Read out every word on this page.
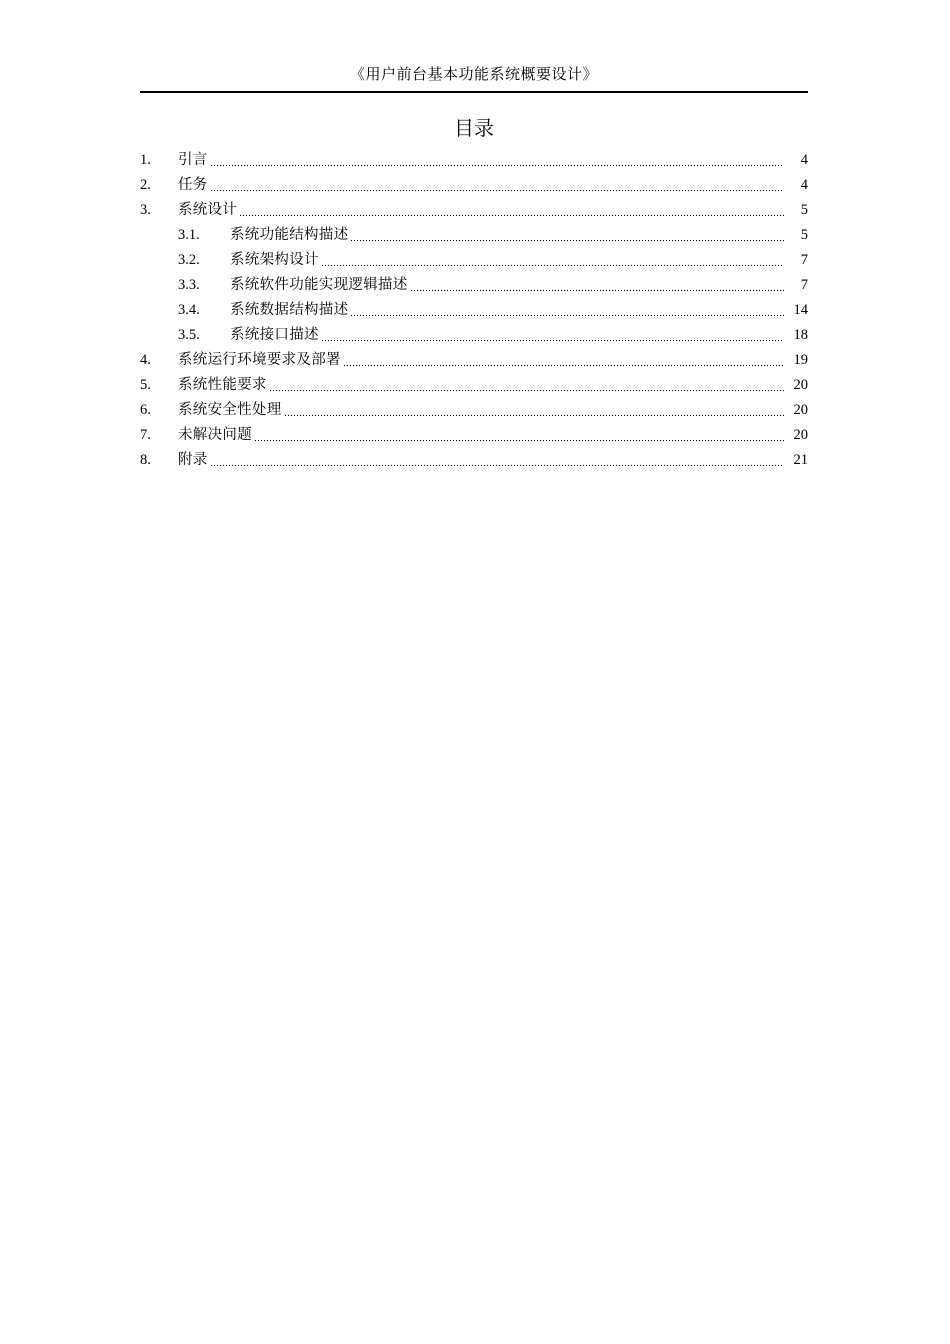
《用户前台基本功能系统概要设计》
目录
1.	引言	4
2.	任务	4
3.	系统设计	5
3.1.	系统功能结构描述	5
3.2.	系统架构设计	7
3.3.	系统软件功能实现逻辑描述	7
3.4.	系统数据结构描述	14
3.5.	系统接口描述	18
4.	系统运行环境要求及部署	19
5.	系统性能要求	20
6.	系统安全性处理	20
7.	未解决问题	20
8.	附录	21
